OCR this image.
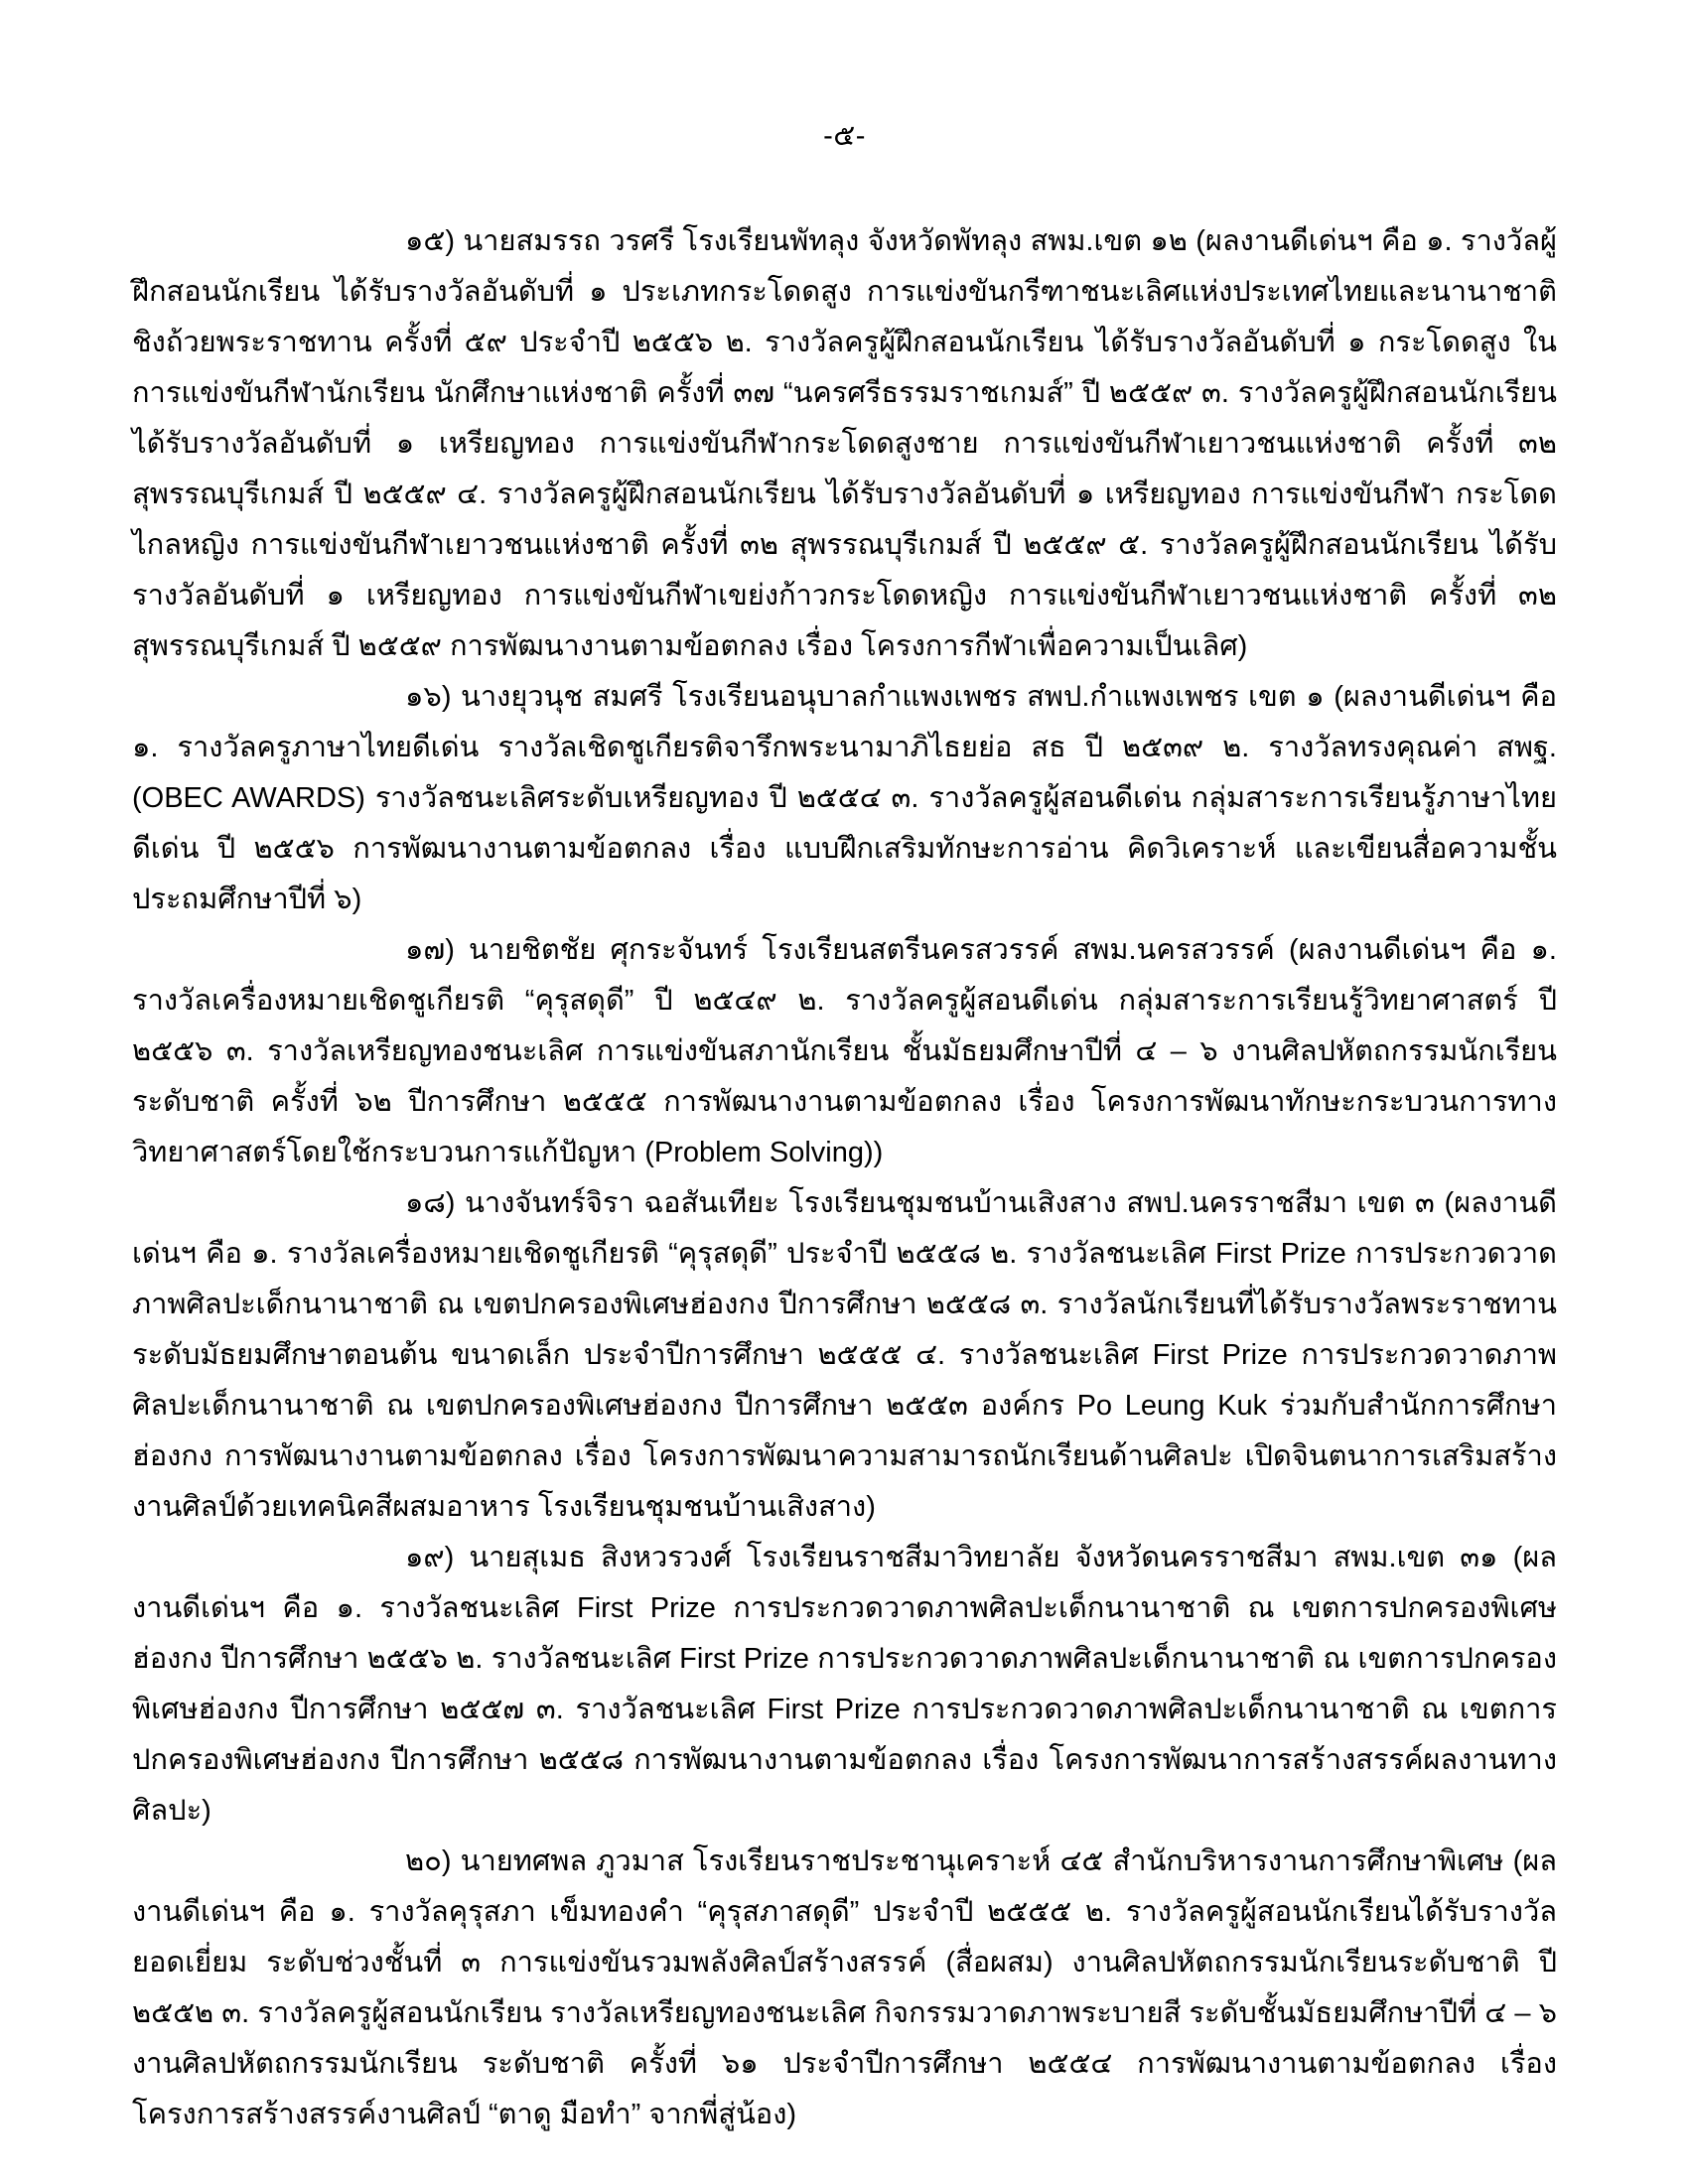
-๕-

๑๕) นายสมรรถ วรศรี โรงเรียนพัทลุง จังหวัดพัทลุง สพม.เขต ๑๒ (ผลงานดีเด่นฯ คือ ๑. รางวัลผู้ฝึกสอนนักเรียน ได้รับรางวัลอันดับที่ ๑ ประเภทกระโดดสูง การแข่งขันกรีฑาชนะเลิศแห่งประเทศไทยและนานาชาติชิงถ้วยพระราชทาน ครั้งที่ ๕๙ ประจำปี ๒๕๕๖ ๒. รางวัลครูผู้ฝึกสอนนักเรียน ได้รับรางวัลอันดับที่ ๑ กระโดดสูง ในการแข่งขันกีฬานักเรียน นักศึกษาแห่งชาติ ครั้งที่ ๓๗ “นครศรีธรรมราชเกมส์” ปี ๒๕๕๙ ๓. รางวัลครูผู้ฝึกสอนนักเรียน ได้รับรางวัลอันดับที่ ๑ เหรียญทอง การแข่งขันกีฬากระโดดสูงชาย การแข่งขันกีฬาเยาวชนแห่งชาติ ครั้งที่ ๓๒ สุพรรณบุรีเกมส์ ปี ๒๕๕๙ ๔. รางวัลครูผู้ฝึกสอนนักเรียน ได้รับรางวัลอันดับที่ ๑ เหรียญทอง การแข่งขันกีฬา กระโดดไกลหญิง การแข่งขันกีฬาเยาวชนแห่งชาติ ครั้งที่ ๓๒ สุพรรณบุรีเกมส์ ปี ๒๕๕๙ ๕. รางวัลครูผู้ฝึกสอนนักเรียน ได้รับรางวัลอันดับที่ ๑ เหรียญทอง การแข่งขันกีฬาเขย่งก้าวกระโดดหญิง การแข่งขันกีฬาเยาวชนแห่งชาติ ครั้งที่ ๓๒ สุพรรณบุรีเกมส์ ปี ๒๕๕๙ การพัฒนางานตามข้อตกลง เรื่อง โครงการกีฬาเพื่อความเป็นเลิศ)

๑๖) นางยุวนุช สมศรี โรงเรียนอนุบาลกำแพงเพชร สพป.กำแพงเพชร เขต ๑ (ผลงานดีเด่นฯ คือ ๑. รางวัลครูภาษาไทยดีเด่น รางวัลเชิดชูเกียรติจารึกพระนามาภิไธยย่อ สธ ปี ๒๕๓๙ ๒. รางวัลทรงคุณค่า สพฐ. (OBEC AWARDS) รางวัลชนะเลิศระดับเหรียญทอง ปี ๒๕๕๔ ๓. รางวัลครูผู้สอนดีเด่น กลุ่มสาระการเรียนรู้ภาษาไทยดีเด่น ปี ๒๕๕๖ การพัฒนางานตามข้อตกลง เรื่อง แบบฝึกเสริมทักษะการอ่าน คิดวิเคราะห์ และเขียนสื่อความชั้นประถมศึกษาปีที่ ๖)

๑๗) นายชิตชัย ศุกระจันทร์ โรงเรียนสตรีนครสวรรค์ สพม.นครสวรรค์ (ผลงานดีเด่นฯ คือ ๑. รางวัลเครื่องหมายเชิดชูเกียรติ “คุรุสดุดี” ปี ๒๕๔๙ ๒. รางวัลครูผู้สอนดีเด่น กลุ่มสาระการเรียนรู้วิทยาศาสตร์ ปี ๒๕๕๖ ๓. รางวัลเหรียญทองชนะเลิศ การแข่งขันสภานักเรียน ชั้นมัธยมศึกษาปีที่ ๔ – ๖ งานศิลปหัตถกรรมนักเรียน ระดับชาติ ครั้งที่ ๖๒ ปีการศึกษา ๒๕๕๕ การพัฒนางานตามข้อตกลง เรื่อง โครงการพัฒนาทักษะกระบวนการทางวิทยาศาสตร์โดยใช้กระบวนการแก้ปัญหา (Problem Solving))

๑๘) นางจันทร์จิรา ฉอสันเทียะ โรงเรียนชุมชนบ้านเสิงสาง สพป.นครราชสีมา เขต ๓ (ผลงานดีเด่นฯ คือ ๑. รางวัลเครื่องหมายเชิดชูเกียรติ “คุรุสดุดี” ประจำปี ๒๕๕๘ ๒. รางวัลชนะเลิศ First Prize การประกวดวาดภาพศิลปะเด็กนานาชาติ ณ เขตปกครองพิเศษฮ่องกง ปีการศึกษา ๒๕๕๘ ๓. รางวัลนักเรียนที่ได้รับรางวัลพระราชทาน ระดับมัธยมศึกษาตอนต้น ขนาดเล็ก ประจำปีการศึกษา ๒๕๕๕ ๔. รางวัลชนะเลิศ First Prize การประกวดวาดภาพศิลปะเด็กนานาชาติ ณ เขตปกครองพิเศษฮ่องกง ปีการศึกษา ๒๕๕๓ องค์กร Po Leung Kuk ร่วมกับสำนักการศึกษาฮ่องกง การพัฒนางานตามข้อตกลง เรื่อง โครงการพัฒนาความสามารถนักเรียนด้านศิลปะ เปิดจินตนาการเสริมสร้างงานศิลป์ด้วยเทคนิคสีผสมอาหาร โรงเรียนชุมชนบ้านเสิงสาง)

๑๙) นายสุเมธ สิงหวรวงศ์ โรงเรียนราชสีมาวิทยาลัย จังหวัดนครราชสีมา สพม.เขต ๓๑ (ผลงานดีเด่นฯ คือ ๑. รางวัลชนะเลิศ First Prize การประกวดวาดภาพศิลปะเด็กนานาชาติ ณ เขตการปกครองพิเศษฮ่องกง ปีการศึกษา ๒๕๕๖ ๒. รางวัลชนะเลิศ First Prize การประกวดวาดภาพศิลปะเด็กนานาชาติ ณ เขตการปกครองพิเศษฮ่องกง ปีการศึกษา ๒๕๕๗ ๓. รางวัลชนะเลิศ First Prize การประกวดวาดภาพศิลปะเด็กนานาชาติ ณ เขตการปกครองพิเศษฮ่องกง ปีการศึกษา ๒๕๕๘ การพัฒนางานตามข้อตกลง เรื่อง โครงการพัฒนาการสร้างสรรค์ผลงานทางศิลปะ)

๒๐) นายทศพล ภูวมาส โรงเรียนราชประชานุเคราะห์ ๔๕ สำนักบริหารงานการศึกษาพิเศษ (ผลงานดีเด่นฯ คือ ๑. รางวัลคุรุสภา เข็มทองคำ “คุรุสภาสดุดี” ประจำปี ๒๕๕๕ ๒. รางวัลครูผู้สอนนักเรียนได้รับรางวัลยอดเยี่ยม ระดับช่วงชั้นที่ ๓ การแข่งขันรวมพลังศิลป์สร้างสรรค์ (สื่อผสม) งานศิลปหัตถกรรมนักเรียนระดับชาติ ปี ๒๕๕๒ ๓. รางวัลครูผู้สอนนักเรียน รางวัลเหรียญทองชนะเลิศ กิจกรรมวาดภาพระบายสี ระดับชั้นมัธยมศึกษาปีที่ ๔ – ๖ งานศิลปหัตถกรรมนักเรียน ระดับชาติ ครั้งที่ ๖๑ ประจำปีการศึกษา ๒๕๕๔ การพัฒนางานตามข้อตกลง เรื่อง โครงการสร้างสรรค์งานศิลป์ “ตาดู มือทำ” จากพี่สู่น้อง)
